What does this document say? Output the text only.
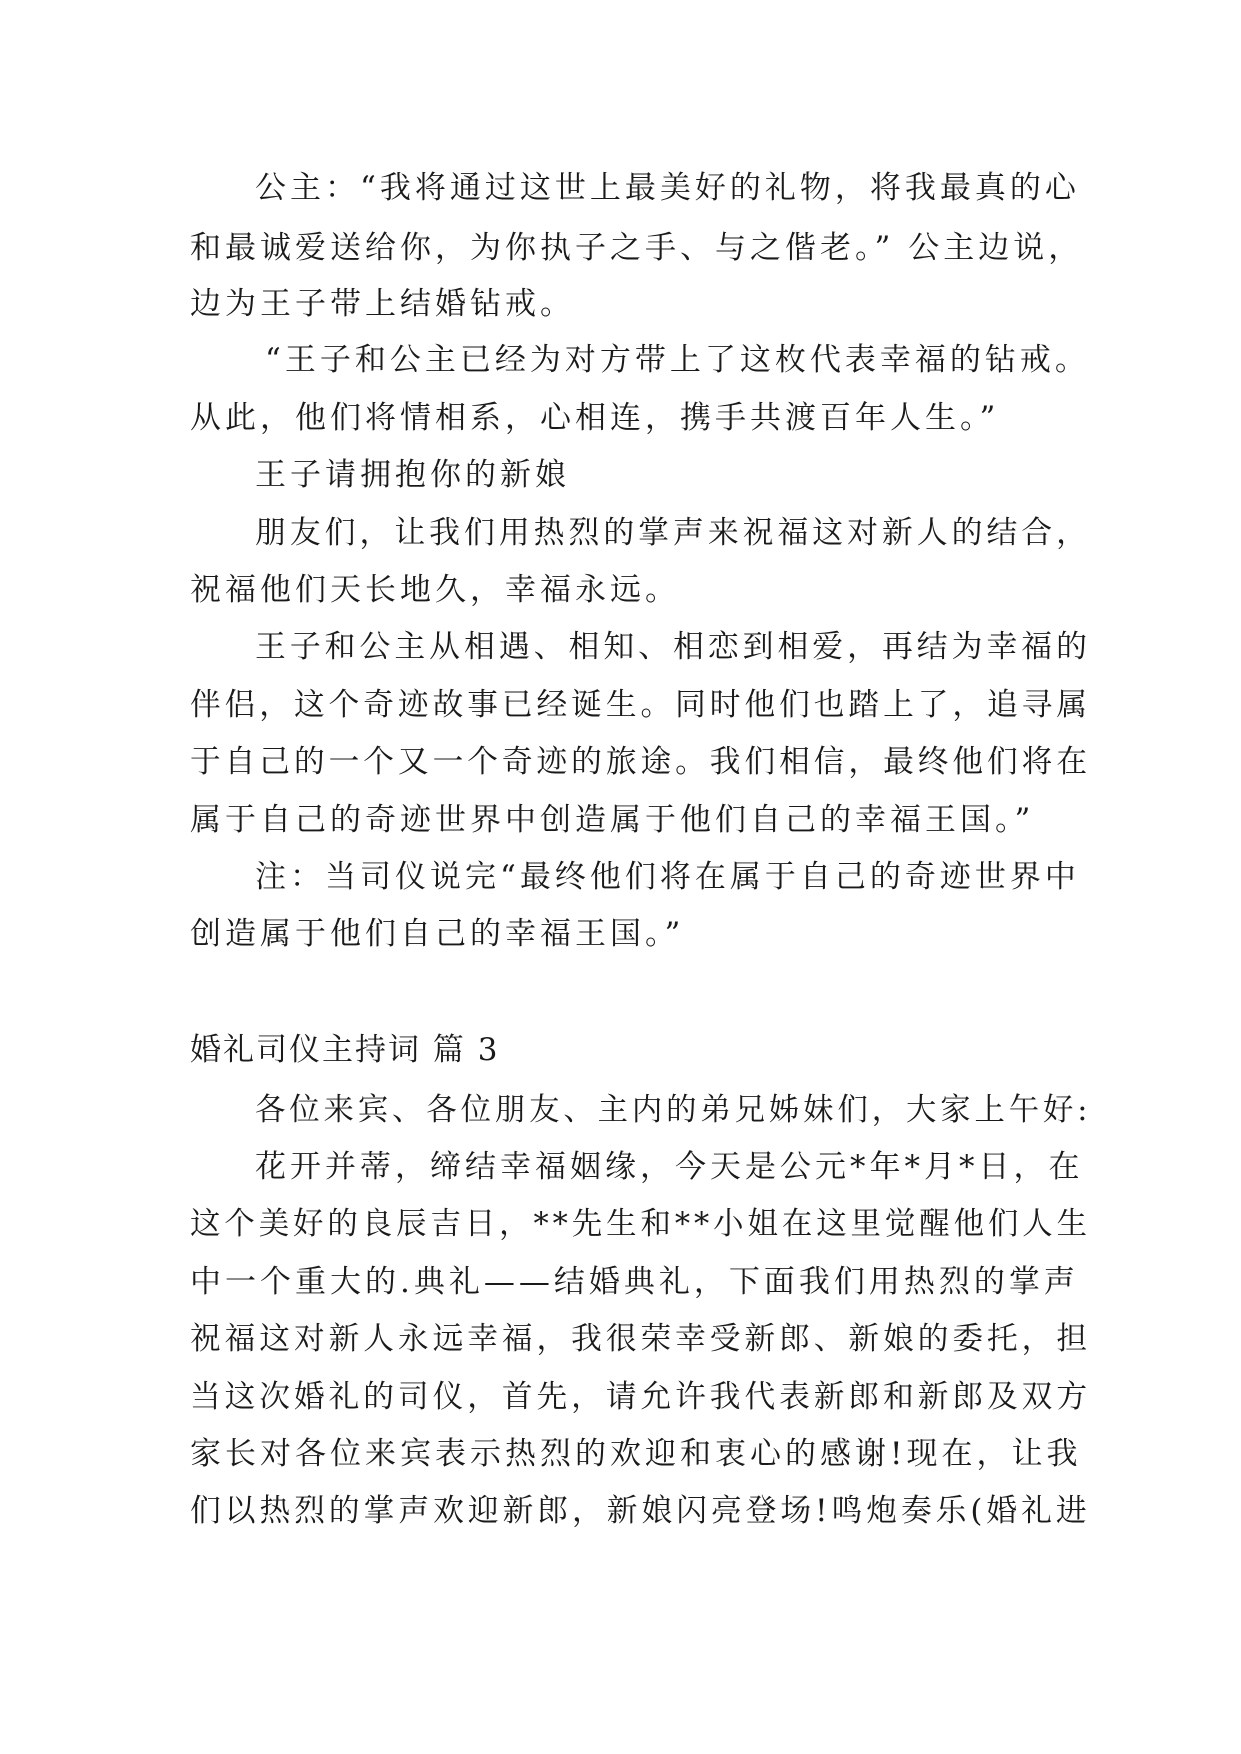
公主：“我将通过这世上最美好的礼物，将我最真的心
和最诚爱送给你，为你执子之手、与之偕老。” 公主边说，
边为王子带上结婚钻戒。
“王子和公主已经为对方带上了这枚代表幸福的钻戒。
从此，他们将情相系，心相连，携手共渡百年人生。”
王子请拥抱你的新娘
朋友们，让我们用热烈的掌声来祝福这对新人的结合，
祝福他们天长地久，幸福永远。
王子和公主从相遇、相知、相恋到相爱，再结为幸福的
伴侣，这个奇迹故事已经诞生。同时他们也踏上了，追寻属
于自己的一个又一个奇迹的旅途。我们相信，最终他们将在
属于自己的奇迹世界中创造属于他们自己的幸福王国。”
注：当司仪说完“最终他们将在属于自己的奇迹世界中
创造属于他们自己的幸福王国。”
婚礼司仪主持词 篇 3
各位来宾、各位朋友、主内的弟兄姊妹们，大家上午好:
花开并蒂，缔结幸福姻缘，今天是公元*年*月*日，在
这个美好的良辰吉日，**先生和**小姐在这里觉醒他们人生
中一个重大的.典礼——结婚典礼，下面我们用热烈的掌声
祝福这对新人永远幸福，我很荣幸受新郎、新娘的委托，担
当这次婚礼的司仪，首先，请允许我代表新郎和新郎及双方
家长对各位来宾表示热烈的欢迎和衷心的感谢!现在，让我
们以热烈的掌声欢迎新郎，新娘闪亮登场!鸣炮奏乐(婚礼进
